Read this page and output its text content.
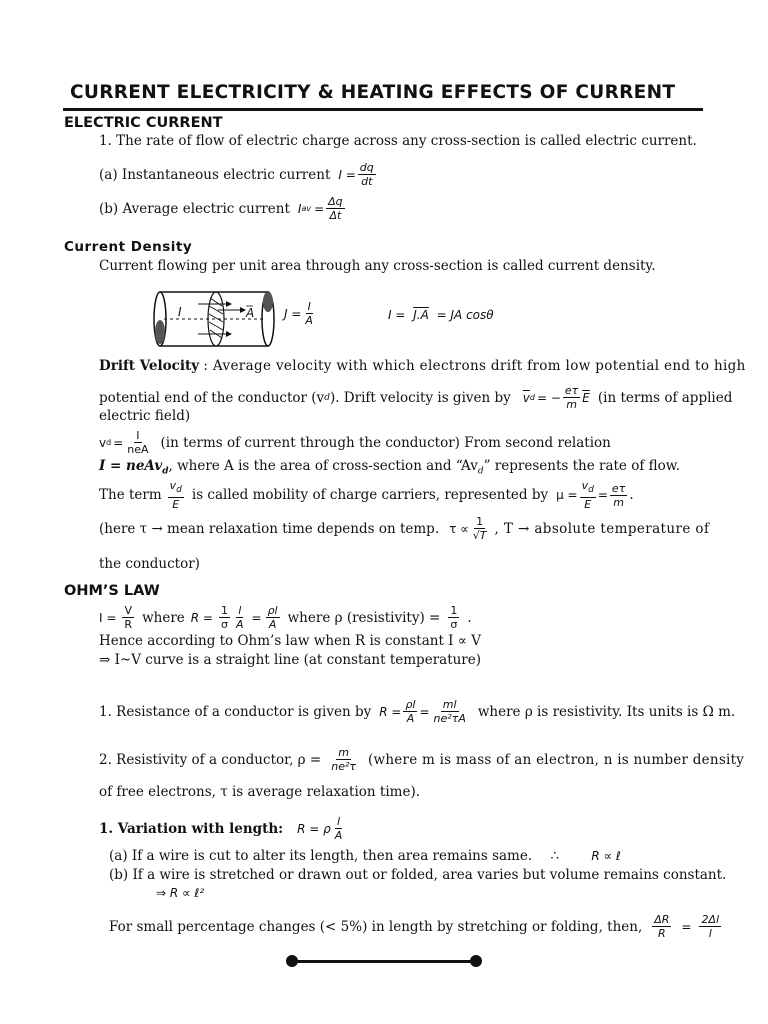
CURRENT ELECTRICITY & HEATING EFFECTS OF CURRENT
ELECTRIC CURRENT
1. The rate of flow of electric charge across any cross-section is called electric current.
(a) Instantaneous electric current $I = \frac{dq}{dt}$
(b) Average electric current I av = $\frac{\Delta q}{\Delta t}$
Current Density
Current flowing per unit area through any cross-section is called current density.
I	A $J = \frac{I}{A}$	I = J.A = JA cosθ
Drift Velocity : Average velocity with which electrons drift from low potential end to high
potential end of the conductor (v d ). Drift velocity is given by $\overline{v}$ d = − $\frac{e\tau}{m} \overline{E}$ (in terms of applied
electric field)
v $d = \frac{I}{\text{neA}} (in$ terms of current through the conductor) From second relation
I = neAv$_d$, where A is the area of cross-section and “$Av_d$” represents the rate of flow.
The term $\frac{v_d}{E}$ is called mobility of charge carriers, represented by $\mu = \frac{v_d}{E} = \frac{e\tau}{m}$ .
(here τ → mean relaxation time depends on temp. $\tau \propto \frac{1}{√T}$ , T → absolute temperature of
the conductor)
OHM’S LAW
$I = \frac{V}{R}$ where $R = \frac{1}{\sigma} \frac{l}{A} = \frac{\rho l}{A}$ where ρ (resistivity) = $\frac{1}{\sigma}$ .
Hence according to Ohm’s law when R is constant I ∝ V
⇒ I~V curve is a straight line (at constant temperature)
1. Resistance of a conductor is given by $R = \frac{\rho l}{A} = \frac{ml}{\text{ne²τA}}$ where ρ is resistivity. Its units is Ω m.
2. Resistivity of a conductor, $\rho = \frac{m}{\text{ne²τ}}$ (where m is mass of an electron, n is number density
of free electrons, τ is average relaxation time).
1. Variation with length: R = ρ $\frac{l}{A}$
(a) If a wire is cut to alter its length, then area remains same. ∴	R ∝ ℓ
(b) If a wire is stretched or drawn out or folded, area varies but volume remains constant.
⇒ R ∝ ℓ²
For small percentage changes (< 5%) in length by stretching or folding, then, $\frac{\Delta R}{R} = \frac{2\Delta l}{l}$
